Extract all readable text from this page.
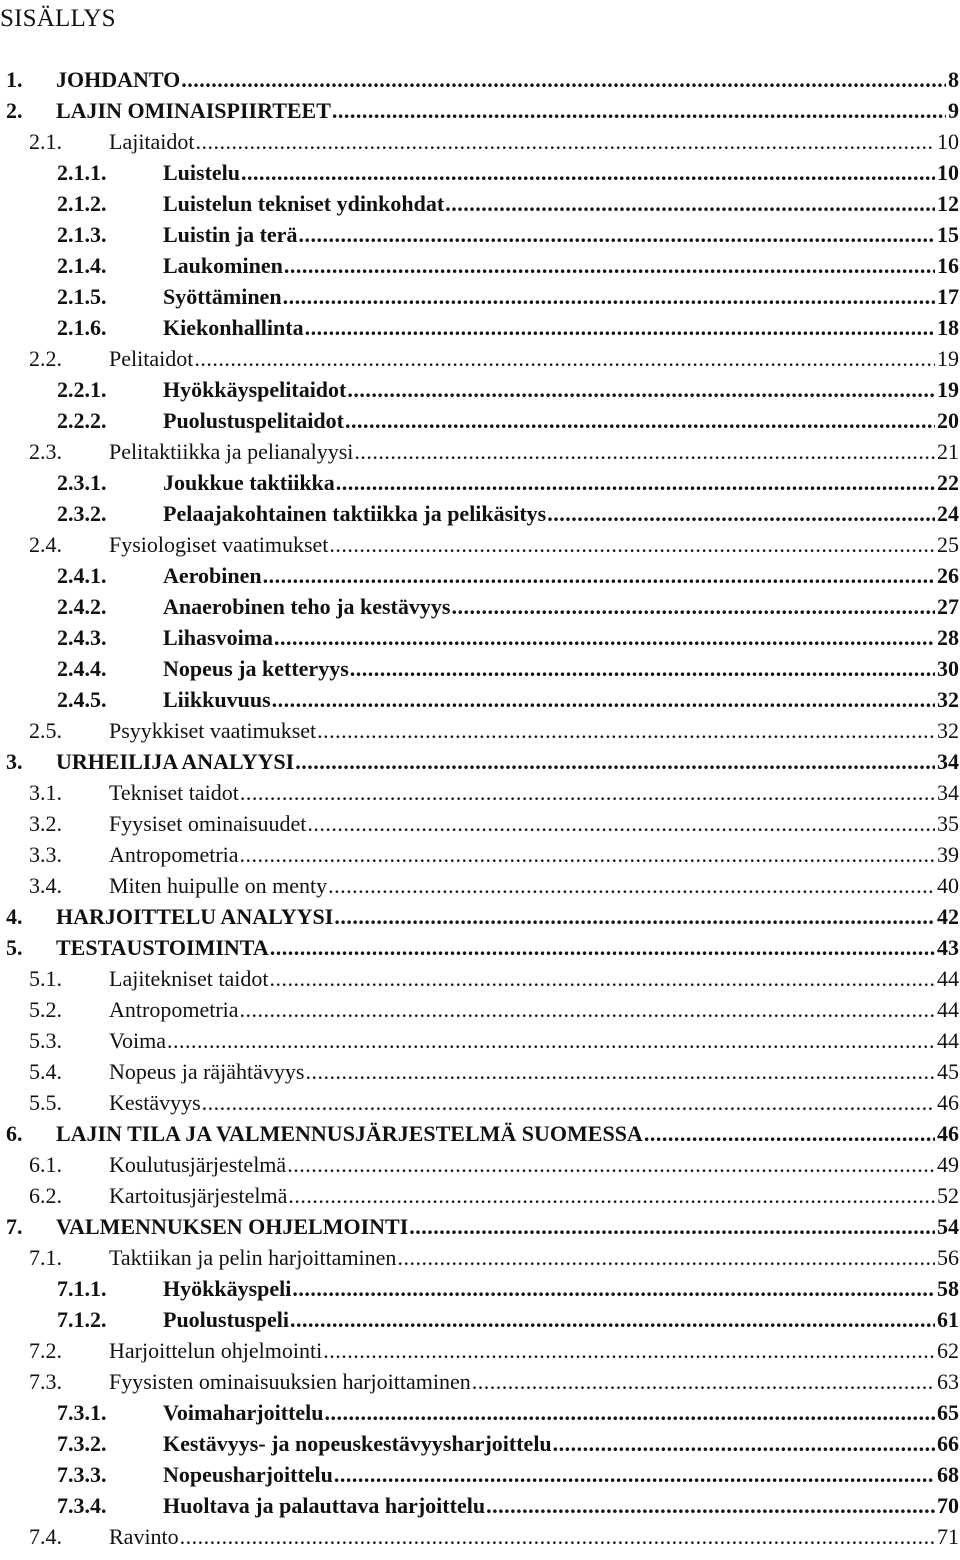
SISÄLLYS
1.	JOHDANTO .....	8
2.	LAJIN OMINAISPIIRTEET .....	9
2.1.	Lajitaidot .....	10
2.1.1.	Luistelu .....	10
2.1.2.	Luistelun tekniset ydinkohdat .....	12
2.1.3.	Luistin ja terä .....	15
2.1.4.	Laukominen .....	16
2.1.5.	Syöttäminen .....	17
2.1.6.	Kiekonhallinta .....	18
2.2.	Pelitaidot .....	19
2.2.1.	Hyökkäyspelitaidot .....	19
2.2.2.	Puolustuspelitaidot .....	20
2.3.	Pelitaktiikka ja pelianalyysi .....	21
2.3.1.	Joukkue taktiikka .....	22
2.3.2.	Pelaajakohtainen taktiikka ja pelikäsitys .....	24
2.4.	Fysiologiset vaatimukset .....	25
2.4.1.	Aerobinen .....	26
2.4.2.	Anaerobinen teho ja kestävyys .....	27
2.4.3.	Lihasvoima .....	28
2.4.4.	Nopeus ja ketteryys .....	30
2.4.5.	Liikkuvuus .....	32
2.5.	Psyykkiset vaatimukset .....	32
3.	URHEILIJA ANALYYSI .....	34
3.1.	Tekniset taidot .....	34
3.2.	Fyysiset ominaisuudet .....	35
3.3.	Antropometria .....	39
3.4.	Miten huipulle on menty .....	40
4.	HARJOITTELU ANALYYSI .....	42
5.	TESTAUSTOIMINTA .....	43
5.1.	Lajitekniset taidot .....	44
5.2.	Antropometria .....	44
5.3.	Voima .....	44
5.4.	Nopeus ja räjähtävyys .....	45
5.5.	Kestävyys .....	46
6.	LAJIN TILA JA VALMENNUSJÄRJESTELMÄ SUOMESSA .....	46
6.1.	Koulutusjärjestelmä .....	49
6.2.	Kartoitusjärjestelmä .....	52
7.	VALMENNUKSEN OHJELMOINTI .....	54
7.1.	Taktiikan ja pelin harjoittaminen .....	56
7.1.1.	Hyökkäyspeli .....	58
7.1.2.	Puolustuspeli .....	61
7.2.	Harjoittelun ohjelmointi .....	62
7.3.	Fyysisten ominaisuuksien harjoittaminen .....	63
7.3.1.	Voimaharjoittelu .....	65
7.3.2.	Kestävyys- ja nopeuskestävyysharjoittelu .....	66
7.3.3.	Nopeusharjoittelu .....	68
7.3.4.	Huoltava ja palauttava harjoittelu .....	70
7.4.	Ravinto .....	71
